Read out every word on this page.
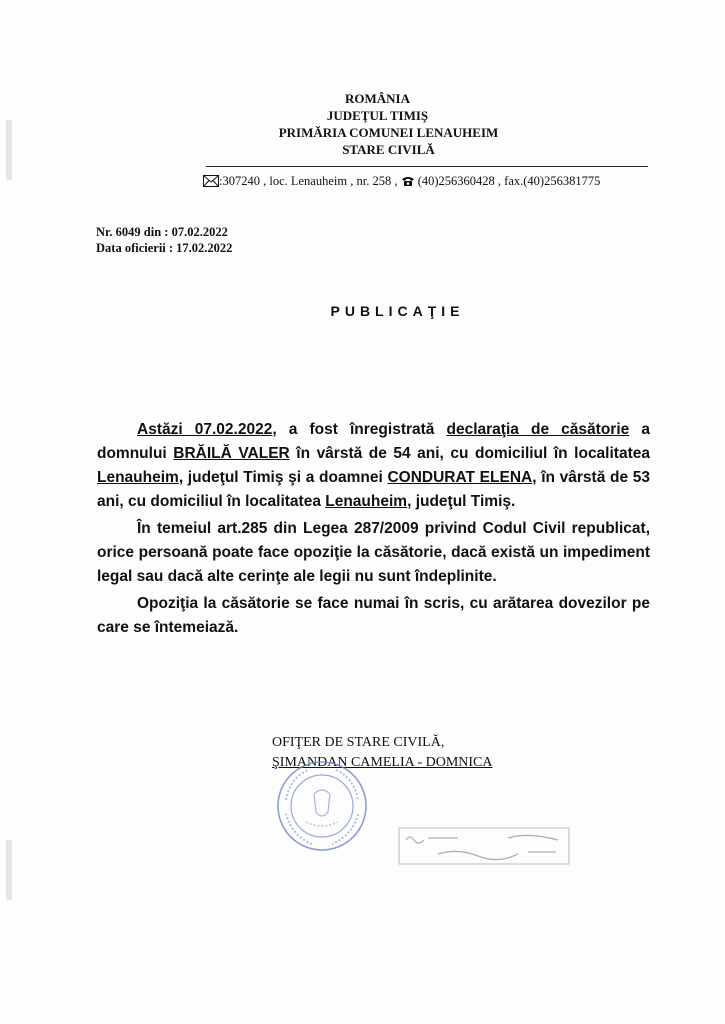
ROMÂNIA
JUDEŢUL TIMIŞ
PRIMĂRIA COMUNEI LENAUHEIM
STARE CIVILĂ
:307240 , loc. Lenauheim , nr. 258 ,  (40)256360428 , fax.(40)256381775
Nr. 6049 din : 07.02.2022
Data oficierii : 17.02.2022
PUBLICAŢIE

Astăzi 07.02.2022, a fost înregistrată declaraţia de căsătorie a domnului BRĂILĂ VALER în vârstă de 54 ani, cu domiciliul în localitatea Lenauheim, judeţul Timiş şi a doamnei CONDURAT ELENA, în vârstă de 53 ani, cu domiciliul în localitatea Lenauheim, judeţul Timiş.

În temeiul art.285 din Legea 287/2009 privind Codul Civil republicat, orice persoană poate face opoziţie la căsătorie, dacă există un impediment legal sau dacă alte cerinţe ale legii nu sunt îndeplinite.

Opoziţia la căsătorie se face numai în scris, cu arătarea dovezilor pe care se întemeiază.

OFIŢER DE STARE CIVILĂ,
ŞIMANDAN CAMELIA - DOMNICA
